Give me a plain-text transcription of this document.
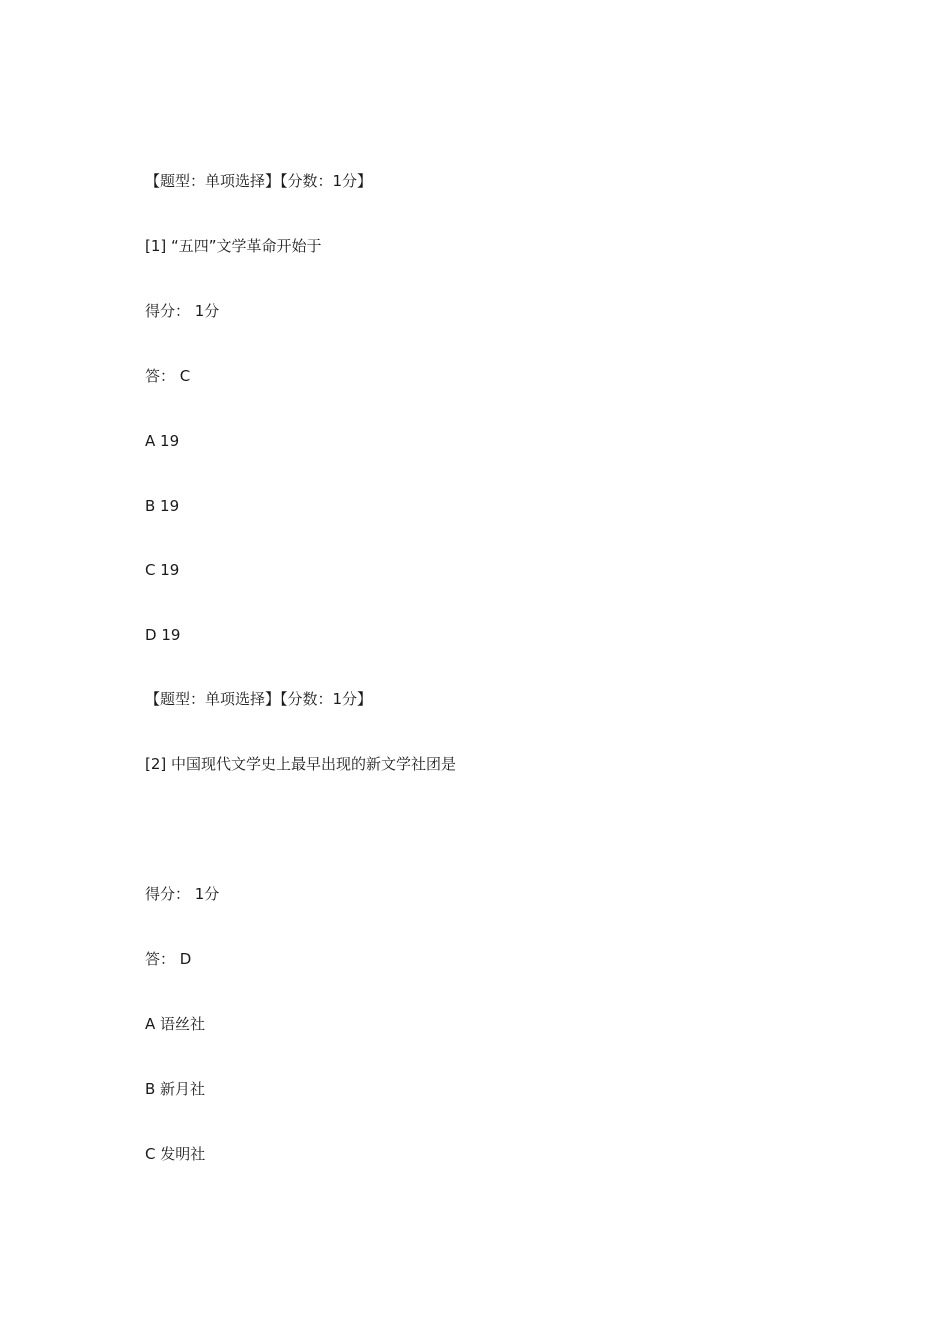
【题型：单项选择】【分数：1分】
[1] “五四”文学革命开始于
得分： 1分
答： C
A 19
B 19
C 19
D 19
【题型：单项选择】【分数：1分】
[2] 中国现代文学史上最早出现的新文学社团是
得分： 1分
答： D
A 语丝社
B 新月社
C 发明社
